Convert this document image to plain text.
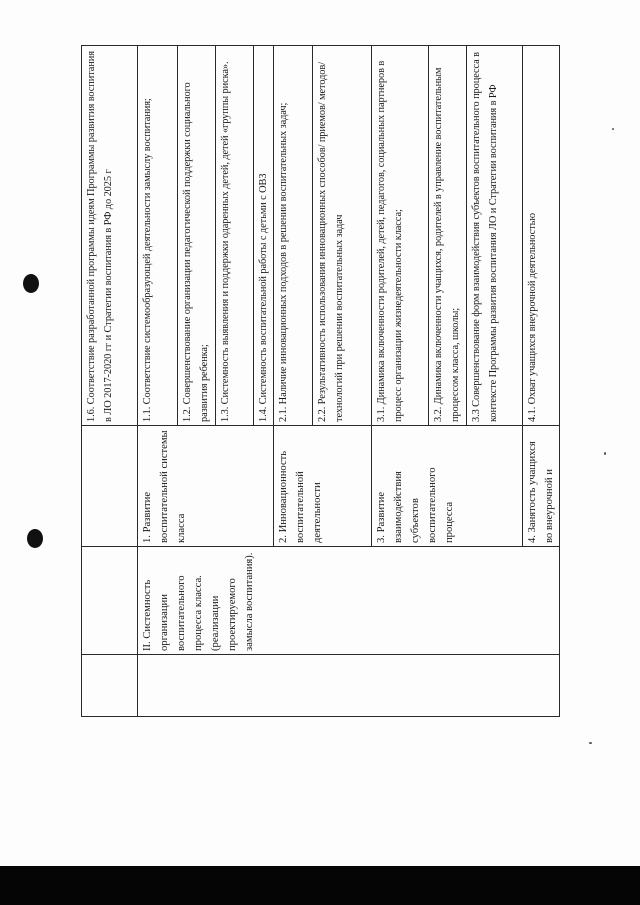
			1.6. Соответствие разработанной программы идеям Программы развития воспитания в ЛО 2017-2020 гг и Стратегии воспитания в РФ до 2025 г
	II. Системность организации воспитательного процесса класса. (реализации проектируемого замысла воспитания).	1. Развитие воспитательной системы класса	1.1. Соответствие системообразующей деятельности замыслу воспитания;
			1.2. Совершенствование организации педагогической поддержки социального развития ребенка;
			1.3. Системность выявления и поддержки одаренных детей, детей «группы риска».
			1.4. Системность воспитательной работы с детьми с ОВЗ
		2. Инновационность воспитательной деятельности	2.1. Наличие инновационных подходов в решении воспитательных задач;
			2.2. Результативность использования инновационных способов/ приемов/ методов/ технологий при решении воспитательных задач
		3. Развитие взаимодействия субъектов воспитательного процесса	3.1. Динамика включенности родителей, детей, педагогов, социальных партнеров в процесс организации жизнедеятельности класса;
			3.2. Динамика включенности учащихся, родителей в управление воспитательным процессом класса, школы;
			3.3 Совершенствование форм взаимодействия субъектов воспитательного процесса в контексте Программы развития воспитания ЛО и Стратегии воспитания в РФ
		4. Занятость учащихся во внеурочной и	4.1. Охват учащихся внеурочной деятельностью
